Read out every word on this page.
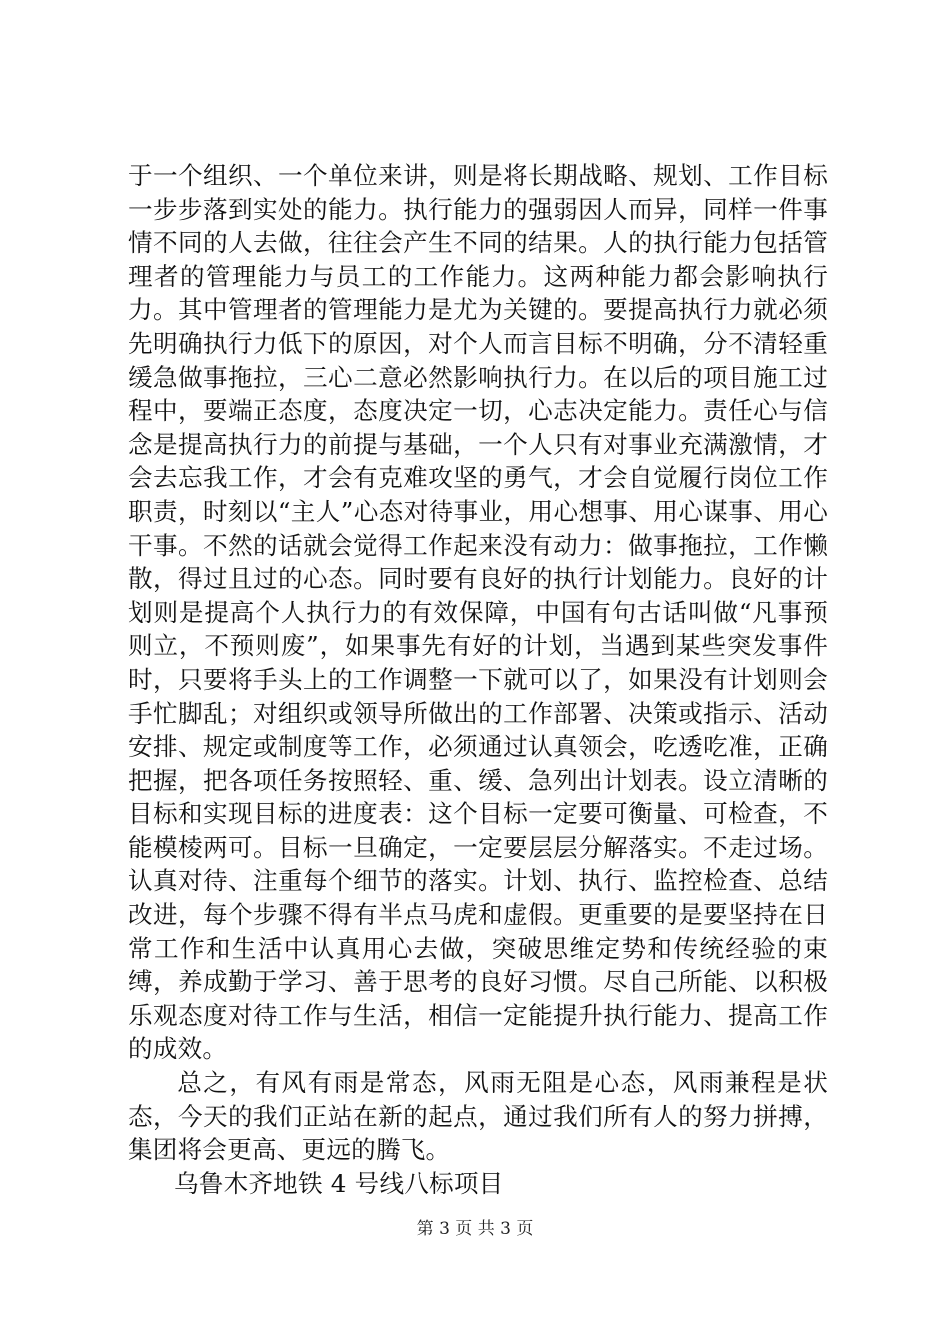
于一个组织、一个单位来讲，则是将长期战略、规划、工作目标一步步落到实处的能力。执行能力的强弱因人而异，同样一件事情不同的人去做，往往会产生不同的结果。人的执行能力包括管理者的管理能力与员工的工作能力。这两种能力都会影响执行力。其中管理者的管理能力是尤为关键的。要提高执行力就必须先明确执行力低下的原因，对个人而言目标不明确，分不清轻重缓急做事拖拉，三心二意必然影响执行力。在以后的项目施工过程中，要端正态度，态度决定一切，心志决定能力。责任心与信念是提高执行力的前提与基础，一个人只有对事业充满激情，才会去忘我工作，才会有克难攻坚的勇气，才会自觉履行岗位工作职责，时刻以“主人”心态对待事业，用心想事、用心谋事、用心干事。不然的话就会觉得工作起来没有动力：做事拖拉，工作懒散，得过且过的心态。同时要有良好的执行计划能力。良好的计划则是提高个人执行力的有效保障，中国有句古话叫做“凡事预则立，不预则废”，如果事先有好的计划，当遇到某些突发事件时，只要将手头上的工作调整一下就可以了，如果没有计划则会手忙脚乱；对组织或领导所做出的工作部署、决策或指示、活动安排、规定或制度等工作，必须通过认真领会，吃透吃准，正确把握，把各项任务按照轻、重、缓、急列出计划表。设立清晰的目标和实现目标的进度表：这个目标一定要可衡量、可检查，不能模棱两可。目标一旦确定，一定要层层分解落实。不走过场。认真对待、注重每个细节的落实。计划、执行、监控检查、总结改进，每个步骤不得有半点马虎和虚假。更重要的是要坚持在日常工作和生活中认真用心去做，突破思维定势和传统经验的束缚，养成勤于学习、善于思考的良好习惯。尽自己所能、以积极乐观态度对待工作与生活，相信一定能提升执行能力、提高工作的成效。

总之，有风有雨是常态，风雨无阻是心态，风雨兼程是状态，今天的我们正站在新的起点，通过我们所有人的努力拼搏，集团将会更高、更远的腾飞。

乌鲁木齐地铁 4 号线八标项目

第 3 页 共 3 页
